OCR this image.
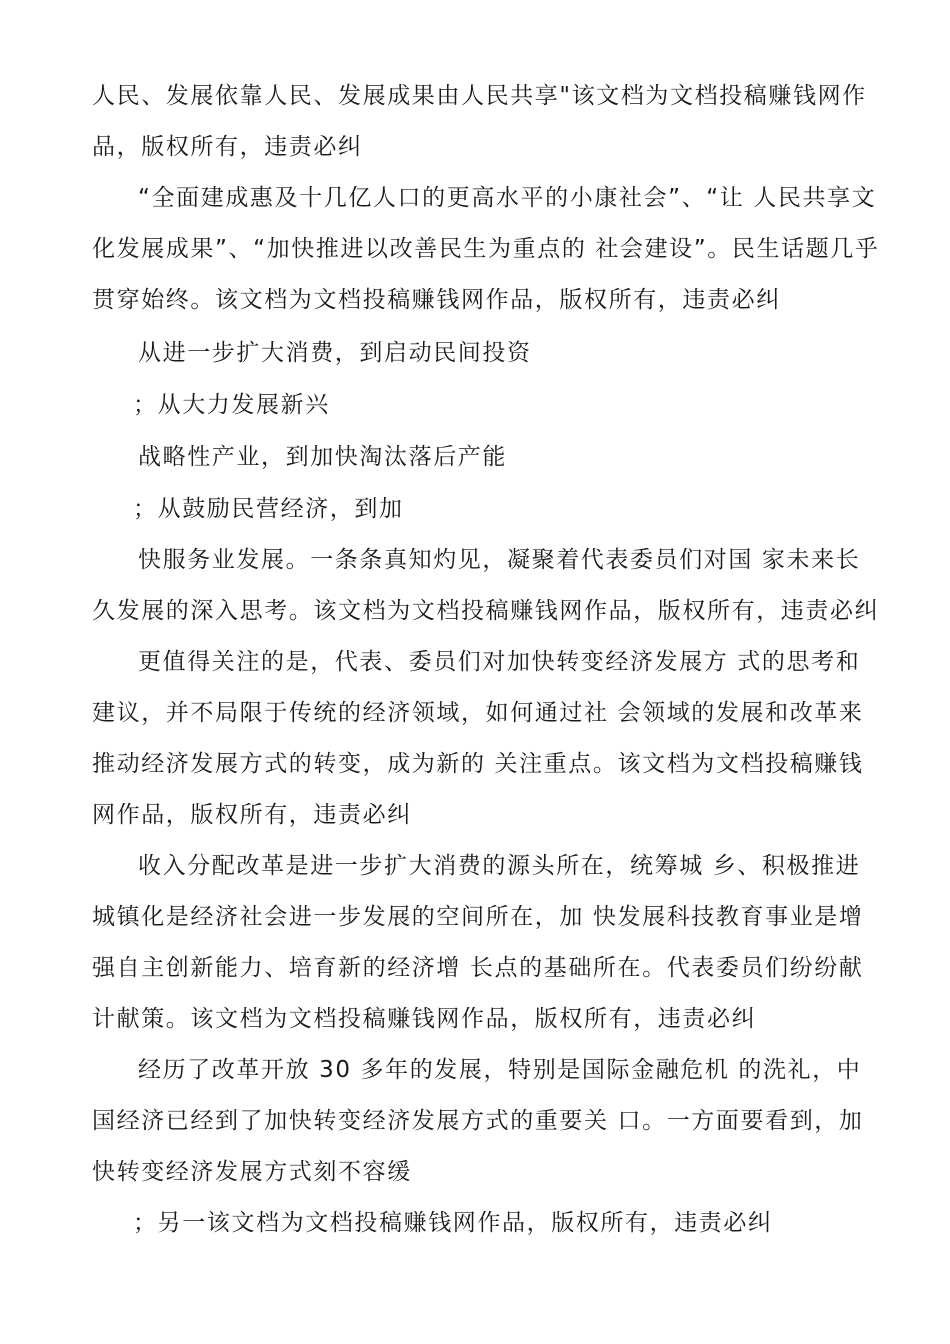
人民、发展依靠人民、发展成果由人民共享"该文档为文档投稿赚钱网作
品，版权所有，违责必纠
“全面建成惠及十几亿人口的更高水平的小康社会”、“让 人民共享文
化发展成果”、“加快推进以改善民生为重点的 社会建设”。民生话题几乎
贯穿始终。该文档为文档投稿赚钱网作品，版权所有，违责必纠
从进一步扩大消费，到启动民间投资
；从大力发展新兴
战略性产业，到加快淘汰落后产能
；从鼓励民营经济，到加
快服务业发展。一条条真知灼见，凝聚着代表委员们对国 家未来长
久发展的深入思考。该文档为文档投稿赚钱网作品，版权所有，违责必纠
更值得关注的是，代表、委员们对加快转变经济发展方 式的思考和
建议，并不局限于传统的经济领域，如何通过社 会领域的发展和改革来
推动经济发展方式的转变，成为新的 关注重点。该文档为文档投稿赚钱
网作品，版权所有，违责必纠
收入分配改革是进一步扩大消费的源头所在，统筹城 乡、积极推进
城镇化是经济社会进一步发展的空间所在，加 快发展科技教育事业是增
强自主创新能力、培育新的经济增 长点的基础所在。代表委员们纷纷献
计献策。该文档为文档投稿赚钱网作品，版权所有，违责必纠
经历了改革开放 30 多年的发展，特别是国际金融危机 的洗礼，中
国经济已经到了加快转变经济发展方式的重要关 口。一方面要看到，加
快转变经济发展方式刻不容缓
；另一该文档为文档投稿赚钱网作品，版权所有，违责必纠
